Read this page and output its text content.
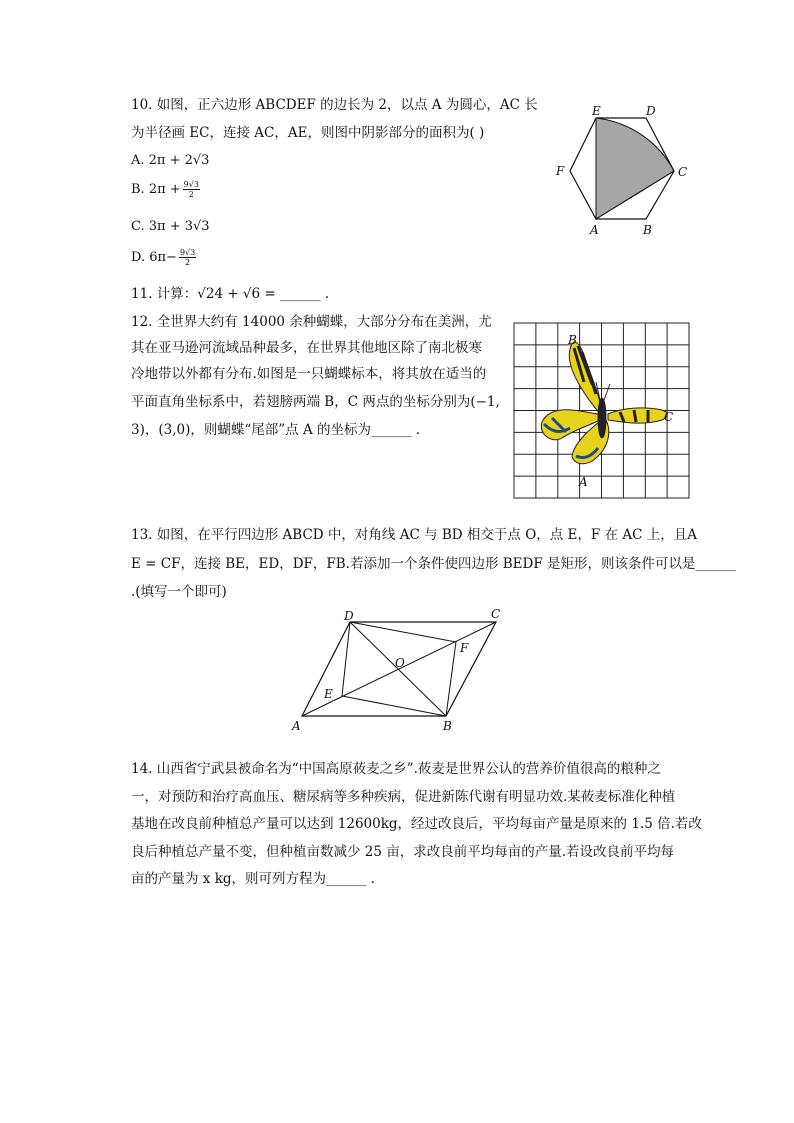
10. 如图，正六边形 ABCDEF 的边长为 2，以点 A 为圆心，AC 长
为半径画 EC，连接 AC，AE，则图中阴影部分的面积为( )
A. 2π + 2√3
B. $2\pi + \frac{9√3}{2}$
C. 3π + 3√3
D. $6\pi- \frac{9√3}{2}$
A	B
C
D
E
F
11. 计算：√24 + √6 = ______ .
12. 全世界大约有 14000 余种蝴蝶，大部分分布在美洲，尤
其在亚马逊河流域品种最多，在世界其他地区除了南北极寒
冷地带以外都有分布.如图是一只蝴蝶标本，将其放在适当的
平面直角坐标系中，若翅膀两端 B，C 两点的坐标分别为(−1,
3)，(3,0)，则蝴蝶“尾部”点 A 的坐标为______ .
B
C
A
13. 如图，在平行四边形 ABCD 中，对角线 AC 与 BD 相交于点 O，点 E，F 在 AC 上，且A
E = CF，连接 BE，ED，DF，FB.若添加一个条件使四边形 BEDF 是矩形，则该条件可以是______
.(填写一个即可)
A	B
C
D
E
F
O
14. 山西省宁武县被命名为“中国高原莜麦之乡”.莜麦是世界公认的营养价值很高的粮种之
一，对预防和治疗高血压、糖尿病等多种疾病，促进新陈代谢有明显功效.某莜麦标准化种植
基地在改良前种植总产量可以达到 12600kg，经过改良后，平均每亩产量是原来的 1.5 倍.若改
良后种植总产量不变，但种植亩数减少 25 亩，求改良前平均每亩的产量.若设改良前平均每
亩的产量为 x kg，则可列方程为______ .
